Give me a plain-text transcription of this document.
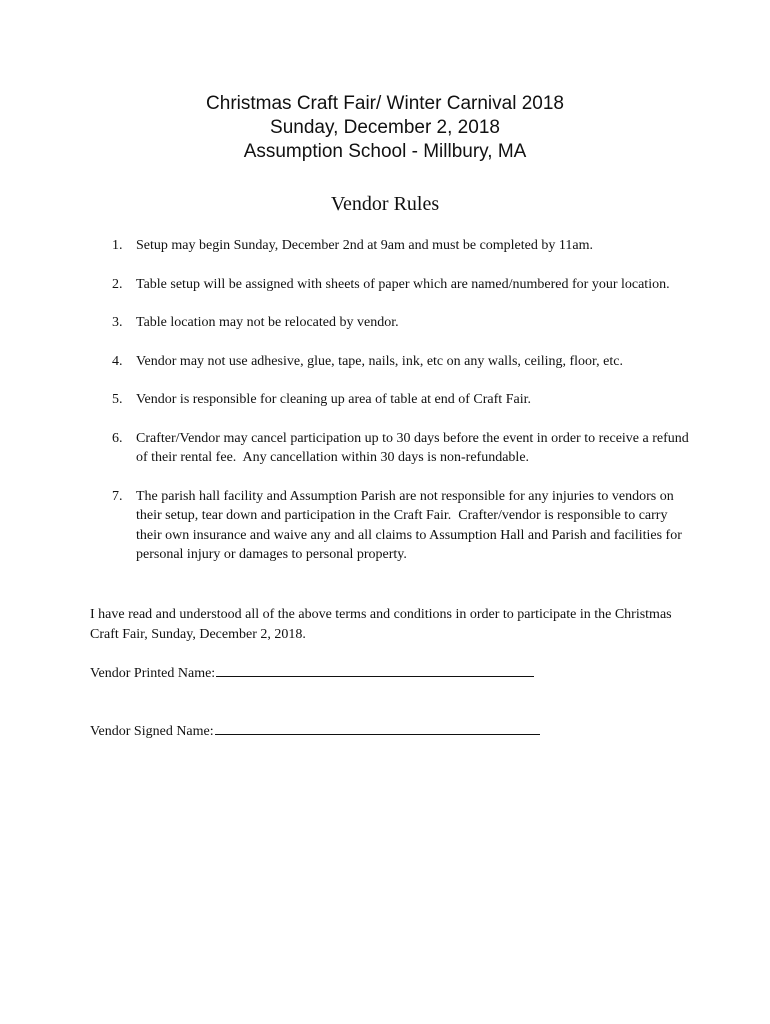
Christmas Craft Fair/ Winter Carnival 2018
Sunday, December 2, 2018
Assumption School - Millbury, MA
Vendor Rules
1. Setup may begin Sunday, December 2nd at 9am and must be completed by 11am.
2. Table setup will be assigned with sheets of paper which are named/numbered for your location.
3. Table location may not be relocated by vendor.
4. Vendor may not use adhesive, glue, tape, nails, ink, etc on any walls, ceiling, floor, etc.
5. Vendor is responsible for cleaning up area of table at end of Craft Fair.
6. Crafter/Vendor may cancel participation up to 30 days before the event in order to receive a refund of their rental fee.  Any cancellation within 30 days is non-refundable.
7. The parish hall facility and Assumption Parish are not responsible for any injuries to vendors on their setup, tear down and participation in the Craft Fair.  Crafter/vendor is responsible to carry their own insurance and waive any and all claims to Assumption Hall and Parish and facilities for personal injury or damages to personal property.
I have read and understood all of the above terms and conditions in order to participate in the Christmas Craft Fair, Sunday, December 2, 2018.
Vendor Printed Name:
Vendor Signed Name:
